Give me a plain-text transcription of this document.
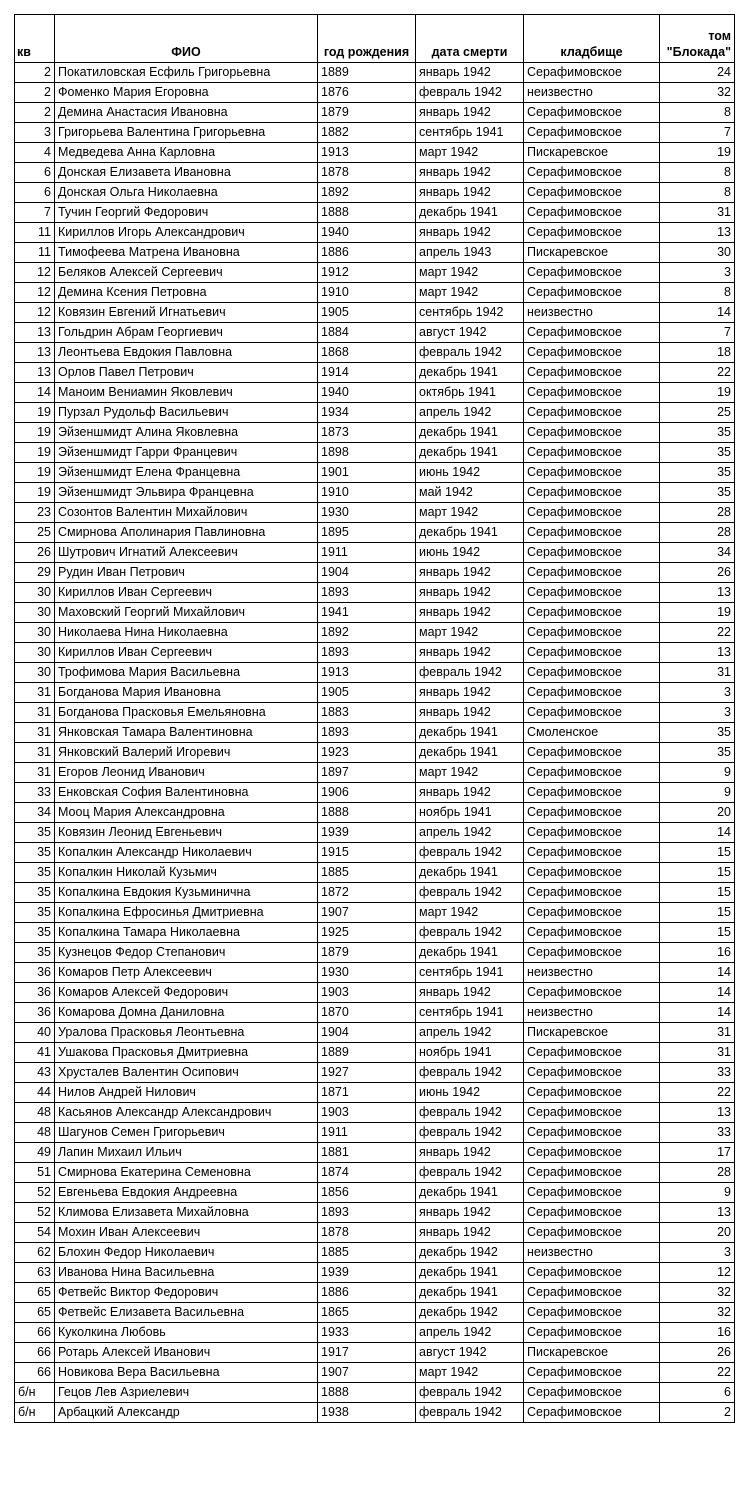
кв	ФИО	год рождения	дата смерти	кладбище	том "Блокада"
2	Покатиловская Есфиль Григорьевна	1889	январь 1942	Серафимовское	24
2	Фоменко Мария Егоровна	1876	февраль 1942	неизвестно	32
2	Демина Анастасия Ивановна	1879	январь 1942	Серафимовское	8
3	Григорьева Валентина Григорьевна	1882	сентябрь 1941	Серафимовское	7
4	Медведева Анна Карловна	1913	март 1942	Пискаревское	19
6	Донская Елизавета Ивановна	1878	январь 1942	Серафимовское	8
6	Донская Ольга Николаевна	1892	январь 1942	Серафимовское	8
7	Тучин Георгий Федорович	1888	декабрь 1941	Серафимовское	31
11	Кириллов Игорь Александрович	1940	январь 1942	Серафимовское	13
11	Тимофеева Матрена Ивановна	1886	апрель 1943	Пискаревское	30
12	Беляков Алексей Сергеевич	1912	март 1942	Серафимовское	3
12	Демина Ксения Петровна	1910	март 1942	Серафимовское	8
12	Ковязин Евгений Игнатьевич	1905	сентябрь 1942	неизвестно	14
13	Гольдрин Абрам Георгиевич	1884	август 1942	Серафимовское	7
13	Леонтьева Евдокия Павловна	1868	февраль 1942	Серафимовское	18
13	Орлов Павел Петрович	1914	декабрь 1941	Серафимовское	22
14	Маноим Вениамин Яковлевич	1940	октябрь 1941	Серафимовское	19
19	Пурзал Рудольф Васильевич	1934	апрель 1942	Серафимовское	25
19	Эйзеншмидт Алина Яковлевна	1873	декабрь 1941	Серафимовское	35
19	Эйзеншмидт Гарри Францевич	1898	декабрь 1941	Серафимовское	35
19	Эйзеншмидт Елена Францевна	1901	июнь 1942	Серафимовское	35
19	Эйзеншмидт Эльвира Францевна	1910	май 1942	Серафимовское	35
23	Созонтов Валентин Михайлович	1930	март 1942	Серафимовское	28
25	Смирнова Аполинария Павлиновна	1895	декабрь 1941	Серафимовское	28
26	Шутрович Игнатий Алексеевич	1911	июнь 1942	Серафимовское	34
29	Рудин Иван Петрович	1904	январь 1942	Серафимовское	26
30	Кириллов Иван Сергеевич	1893	январь 1942	Серафимовское	13
30	Маховский Георгий Михайлович	1941	январь 1942	Серафимовское	19
30	Николаева Нина Николаевна	1892	март 1942	Серафимовское	22
30	Кириллов Иван Сергеевич	1893	январь 1942	Серафимовское	13
30	Трофимова Мария Васильевна	1913	февраль 1942	Серафимовское	31
31	Богданова Мария Ивановна	1905	январь 1942	Серафимовское	3
31	Богданова Прасковья Емельяновна	1883	январь 1942	Серафимовское	3
31	Янковская Тамара Валентиновна	1893	декабрь 1941	Смоленское	35
31	Янковский Валерий Игоревич	1923	декабрь 1941	Серафимовское	35
31	Егоров Леонид Иванович	1897	март 1942	Серафимовское	9
33	Енковская София Валентиновна	1906	январь 1942	Серафимовское	9
34	Мооц Мария Александровна	1888	ноябрь 1941	Серафимовское	20
35	Ковязин Леонид Евгеньевич	1939	апрель 1942	Серафимовское	14
35	Копалкин Александр Николаевич	1915	февраль 1942	Серафимовское	15
35	Копалкин Николай Кузьмич	1885	декабрь 1941	Серафимовское	15
35	Копалкина Евдокия Кузьминична	1872	февраль 1942	Серафимовское	15
35	Копалкина Ефросинья Дмитриевна	1907	март 1942	Серафимовское	15
35	Копалкина Тамара Николаевна	1925	февраль 1942	Серафимовское	15
35	Кузнецов Федор Степанович	1879	декабрь 1941	Серафимовское	16
36	Комаров Петр Алексеевич	1930	сентябрь 1941	неизвестно	14
36	Комаров Алексей Федорович	1903	январь 1942	Серафимовское	14
36	Комарова Домна Даниловна	1870	сентябрь 1941	неизвестно	14
40	Уралова Прасковья Леонтьевна	1904	апрель 1942	Пискаревское	31
41	Ушакова Прасковья Дмитриевна	1889	ноябрь 1941	Серафимовское	31
43	Хрусталев Валентин Осипович	1927	февраль 1942	Серафимовское	33
44	Нилов Андрей Нилович	1871	июнь 1942	Серафимовское	22
48	Касьянов Александр Александрович	1903	февраль 1942	Серафимовское	13
48	Шагунов Семен Григорьевич	1911	февраль 1942	Серафимовское	33
49	Лапин Михаил Ильич	1881	январь 1942	Серафимовское	17
51	Смирнова Екатерина Семеновна	1874	февраль 1942	Серафимовское	28
52	Евгеньева Евдокия Андреевна	1856	декабрь 1941	Серафимовское	9
52	Климова Елизавета Михайловна	1893	январь 1942	Серафимовское	13
54	Мохин Иван Алексеевич	1878	январь 1942	Серафимовское	20
62	Блохин Федор Николаевич	1885	декабрь 1942	неизвестно	3
63	Иванова Нина Васильевна	1939	декабрь 1941	Серафимовское	12
65	Фетвейс Виктор Федорович	1886	декабрь 1941	Серафимовское	32
65	Фетвейс Елизавета Васильевна	1865	декабрь 1942	Серафимовское	32
66	Куколкина Любовь	1933	апрель 1942	Серафимовское	16
66	Ротарь Алексей Иванович	1917	август 1942	Пискаревское	26
66	Новикова Вера Васильевна	1907	март 1942	Серафимовское	22
б/н	Гецов Лев Азриелевич	1888	февраль 1942	Серафимовское	6
б/н	Арбацкий Александр	1938	февраль 1942	Серафимовское	2
